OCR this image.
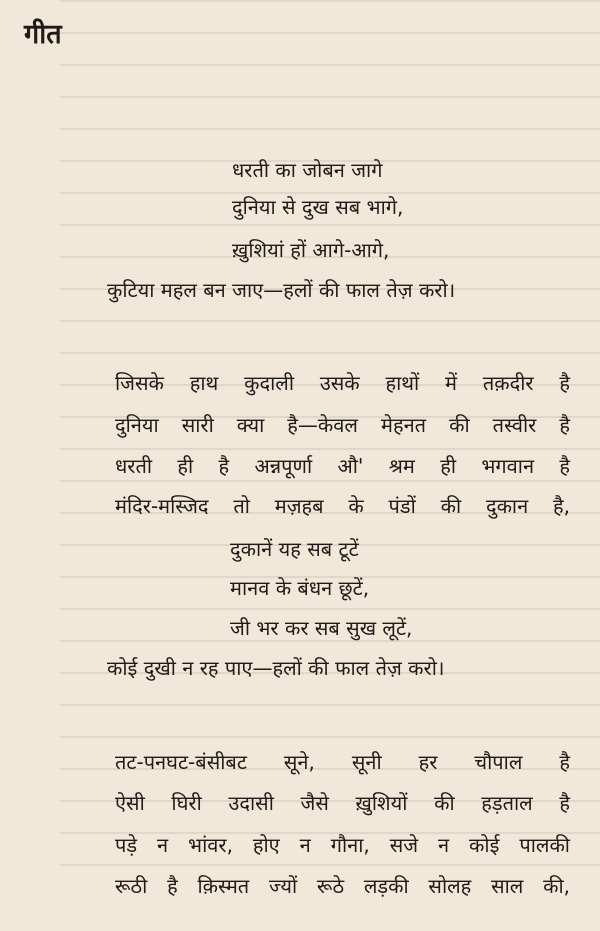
गीत
धरती का जोबन जागे
दुनिया से दुख सब भागे,
ख़ुशियां हों आगे-आगे,
कुटिया महल बन जाए—हलों की फाल तेज़ करो।
जिसके हाथ कुदाली उसके हाथों में तक़दीर है
दुनिया सारी क्या है—केवल मेहनत की तस्वीर है
धरती ही है अन्नपूर्णा औ' श्रम ही भगवान है
मंदिर-मस्जिद तो मज़हब के पंडों की दुकान है,
दुकानें यह सब टूटें
मानव के बंधन छूटें,
जी भर कर सब सुख लूटें,
कोई दुखी न रह पाए—हलों की फाल तेज़ करो।
तट-पनघट-बंसीबट सूने, सूनी हर चौपाल है
ऐसी घिरी उदासी जैसे ख़ुशियों की हड़ताल है
पड़े न भांवर, होए न गौना, सजे न कोई पालकी
रूठी है क़िस्मत ज्यों रूठे लड़की सोलह साल की,
